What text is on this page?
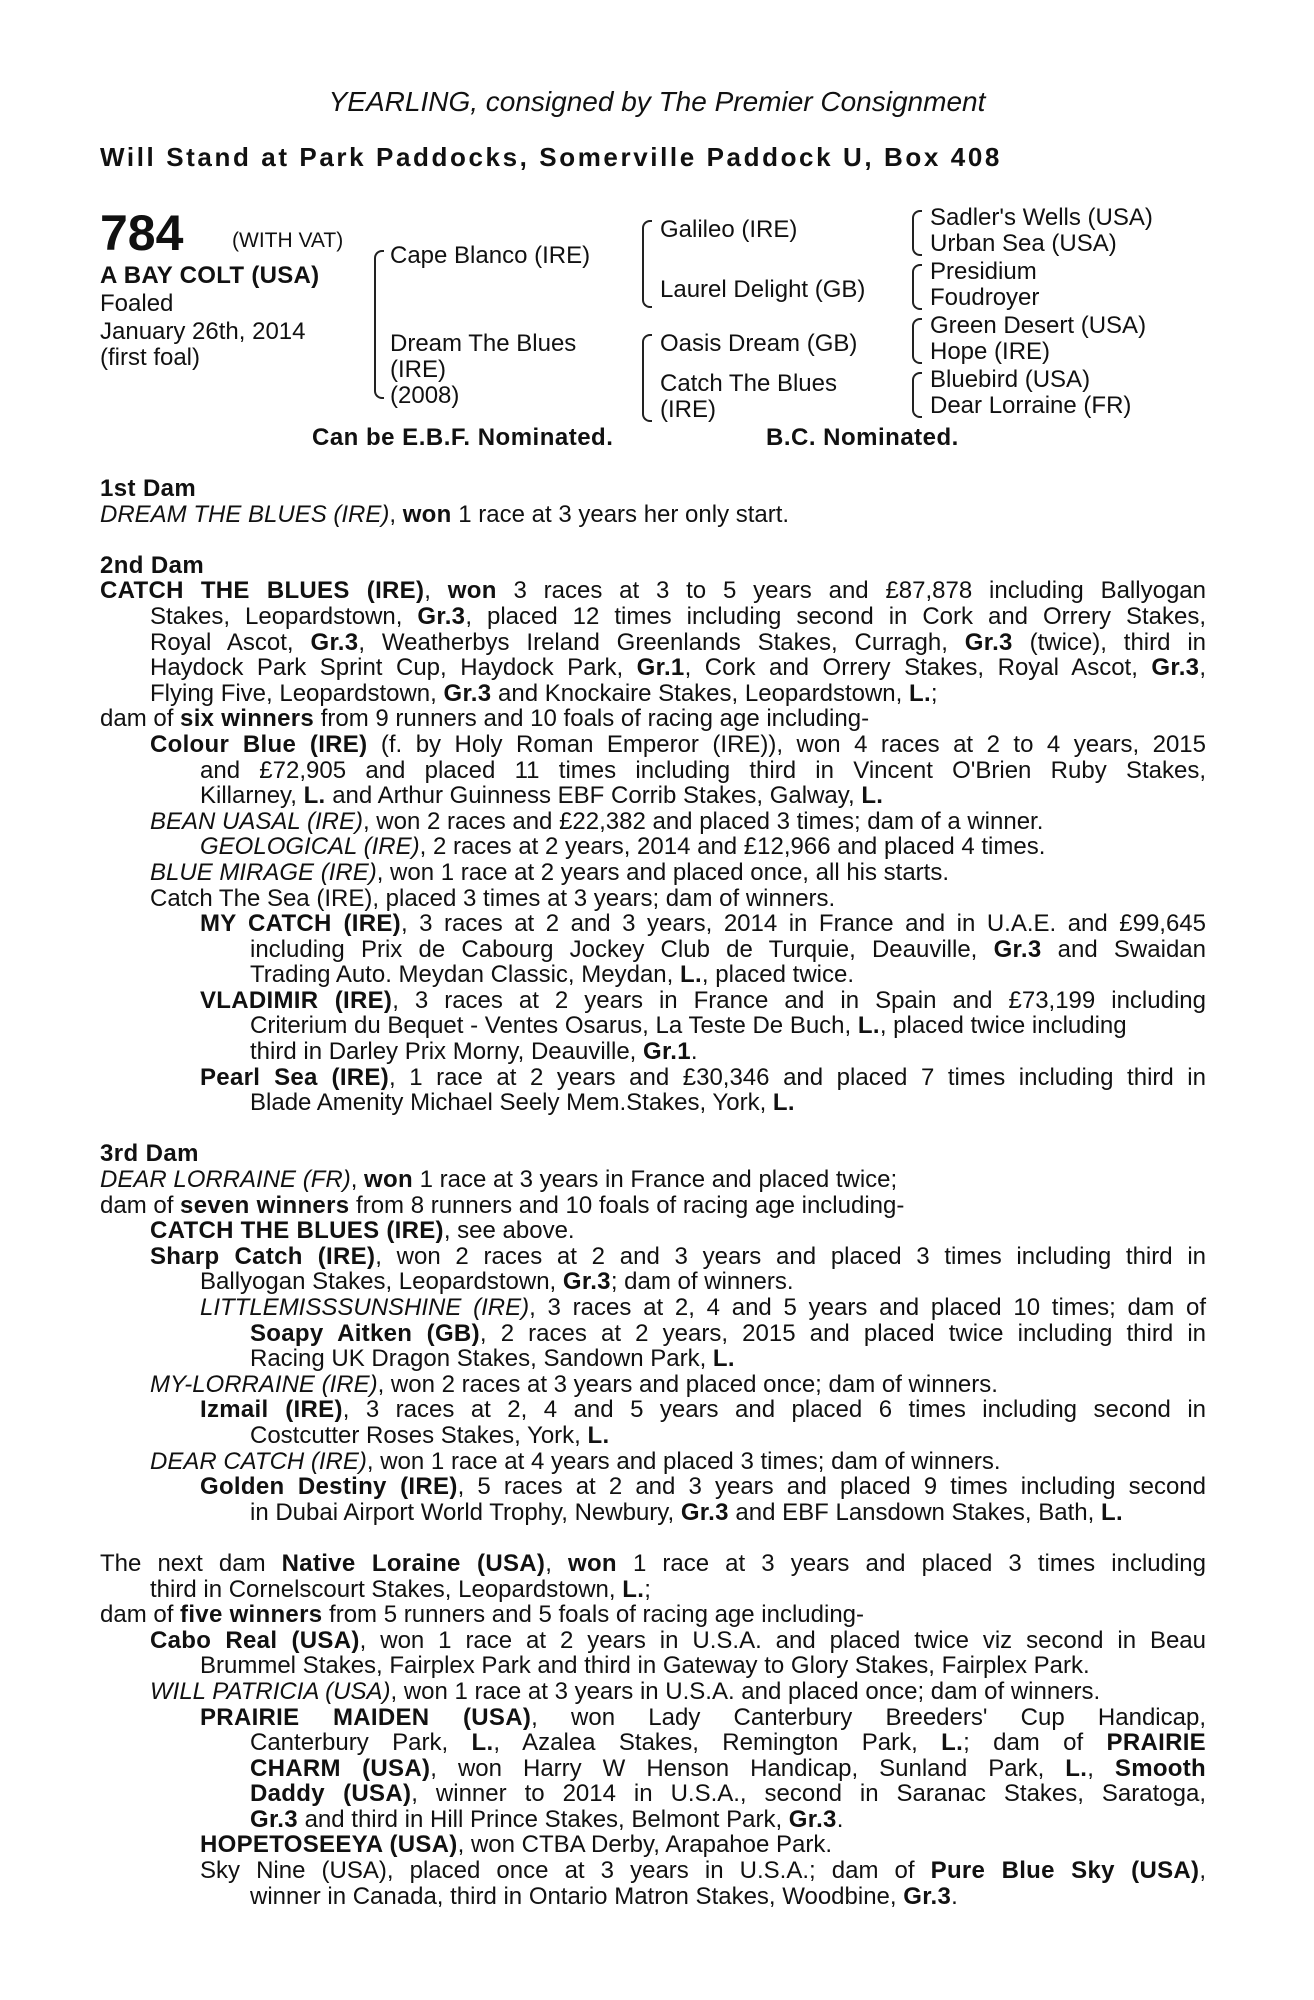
YEARLING, consigned by The Premier Consignment
Will Stand at Park Paddocks, Somerville Paddock U, Box 408
784 (WITH VAT)
A BAY COLT (USA)
Foaled
January 26th, 2014
(first foal)
Cape Blanco (IRE)
Dream The Blues
(IRE)
(2008)
Galileo (IRE)
Laurel Delight (GB)
Oasis Dream (GB)
Catch The Blues
(IRE)
Sadler's Wells (USA)
Urban Sea (USA)
Presidium
Foudroyer
Green Desert (USA)
Hope (IRE)
Bluebird (USA)
Dear Lorraine (FR)
Can be E.B.F. Nominated.	B.C. Nominated.
1st Dam
DREAM THE BLUES (IRE), won 1 race at 3 years her only start.
2nd Dam
CATCH THE BLUES (IRE), won 3 races at 3 to 5 years and £87,878 including Ballyogan
Stakes, Leopardstown, Gr.3, placed 12 times including second in Cork and Orrery Stakes,
Royal Ascot, Gr.3, Weatherbys Ireland Greenlands Stakes, Curragh, Gr.3 (twice), third in
Haydock Park Sprint Cup, Haydock Park, Gr.1, Cork and Orrery Stakes, Royal Ascot, Gr.3,
Flying Five, Leopardstown, Gr.3 and Knockaire Stakes, Leopardstown, L.;
dam of six winners from 9 runners and 10 foals of racing age including-
Colour Blue (IRE) (f. by Holy Roman Emperor (IRE)), won 4 races at 2 to 4 years, 2015
and £72,905 and placed 11 times including third in Vincent O'Brien Ruby Stakes,
Killarney, L. and Arthur Guinness EBF Corrib Stakes, Galway, L.
BEAN UASAL (IRE), won 2 races and £22,382 and placed 3 times; dam of a winner.
GEOLOGICAL (IRE), 2 races at 2 years, 2014 and £12,966 and placed 4 times.
BLUE MIRAGE (IRE), won 1 race at 2 years and placed once, all his starts.
Catch The Sea (IRE), placed 3 times at 3 years; dam of winners.
MY CATCH (IRE), 3 races at 2 and 3 years, 2014 in France and in U.A.E. and £99,645
including Prix de Cabourg Jockey Club de Turquie, Deauville, Gr.3 and Swaidan
Trading Auto. Meydan Classic, Meydan, L., placed twice.
VLADIMIR (IRE), 3 races at 2 years in France and in Spain and £73,199 including
Criterium du Bequet - Ventes Osarus, La Teste De Buch, L., placed twice including
third in Darley Prix Morny, Deauville, Gr.1.
Pearl Sea (IRE), 1 race at 2 years and £30,346 and placed 7 times including third in
Blade Amenity Michael Seely Mem.Stakes, York, L.
3rd Dam
DEAR LORRAINE (FR), won 1 race at 3 years in France and placed twice;
dam of seven winners from 8 runners and 10 foals of racing age including-
CATCH THE BLUES (IRE), see above.
Sharp Catch (IRE), won 2 races at 2 and 3 years and placed 3 times including third in
Ballyogan Stakes, Leopardstown, Gr.3; dam of winners.
LITTLEMISSSUNSHINE (IRE), 3 races at 2, 4 and 5 years and placed 10 times; dam of
Soapy Aitken (GB), 2 races at 2 years, 2015 and placed twice including third in
Racing UK Dragon Stakes, Sandown Park, L.
MY-LORRAINE (IRE), won 2 races at 3 years and placed once; dam of winners.
Izmail (IRE), 3 races at 2, 4 and 5 years and placed 6 times including second in
Costcutter Roses Stakes, York, L.
DEAR CATCH (IRE), won 1 race at 4 years and placed 3 times; dam of winners.
Golden Destiny (IRE), 5 races at 2 and 3 years and placed 9 times including second
in Dubai Airport World Trophy, Newbury, Gr.3 and EBF Lansdown Stakes, Bath, L.
The next dam Native Loraine (USA), won 1 race at 3 years and placed 3 times including
third in Cornelscourt Stakes, Leopardstown, L.;
dam of five winners from 5 runners and 5 foals of racing age including-
Cabo Real (USA), won 1 race at 2 years in U.S.A. and placed twice viz second in Beau
Brummel Stakes, Fairplex Park and third in Gateway to Glory Stakes, Fairplex Park.
WILL PATRICIA (USA), won 1 race at 3 years in U.S.A. and placed once; dam of winners.
PRAIRIE MAIDEN (USA), won Lady Canterbury Breeders' Cup Handicap,
Canterbury Park, L., Azalea Stakes, Remington Park, L.; dam of PRAIRIE
CHARM (USA), won Harry W Henson Handicap, Sunland Park, L., Smooth
Daddy (USA), winner to 2014 in U.S.A., second in Saranac Stakes, Saratoga,
Gr.3 and third in Hill Prince Stakes, Belmont Park, Gr.3.
HOPETOSEEYA (USA), won CTBA Derby, Arapahoe Park.
Sky Nine (USA), placed once at 3 years in U.S.A.; dam of Pure Blue Sky (USA),
winner in Canada, third in Ontario Matron Stakes, Woodbine, Gr.3.
